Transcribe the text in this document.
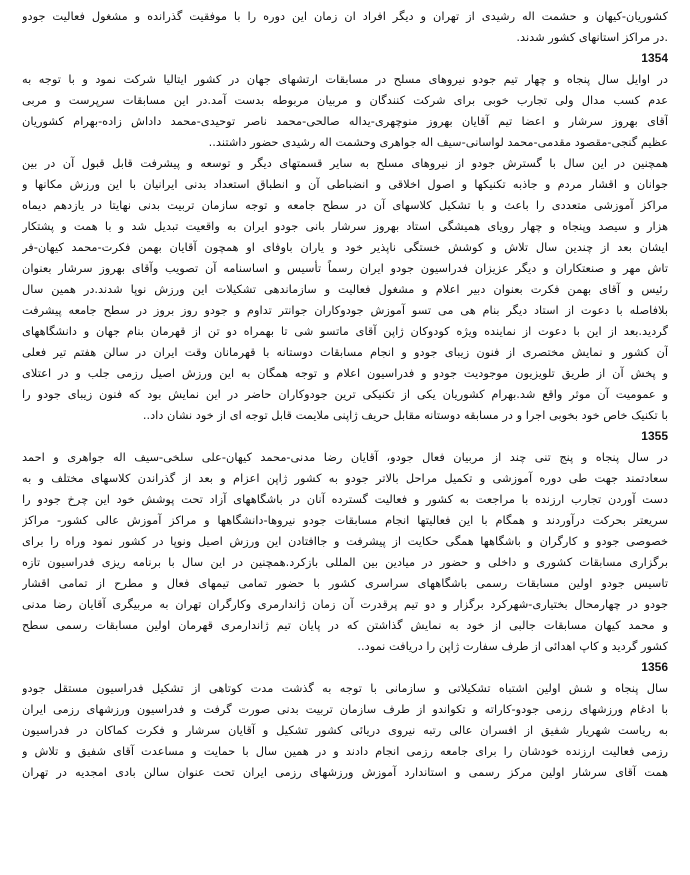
کشوریان-کیهان و حشمت اله رشیدی از تهران و دیگر افراد ان زمان این دوره را با موفقیت گذرانده و مشغول فعالیت جودو
.در مراکز استانهای کشور شدند.
1354
در اوایل سال پنجاه و چهار تیم جودو نیروهای مسلح در مسابقات ارتشهای جهان در کشور ایتالیا شرکت نمود و با توجه به
عدم کسب مدال ولی تجارب خوبی برای شرکت کنندگان و مربیان مربوطه بدست آمد.در این مسابقات سرپرست و مربی
آقای بهروز سرشار و اعضا تیم آقایان بهروز منوچهری-یداله صالحی-محمد ناصر توحیدی-محمد داداش زاده-بهرام کشوریان
عظیم گنجی-مقصود مقدمی-محمد لواسانی-سیف اله جواهری وحشمت اله رشیدی حضور داشتند..
همچنین در این سال با گسترش جودو از نیروهای مسلح به سایر قسمتهای دیگر و توسعه و پیشرفت قابل قبول آن در بین
جوانان و اقشار مردم و جاذبه تکنیکها و اصول اخلاقی و انضباطی آن و انطباق استعداد بدنی ایرانیان با این ورزش مکانها و
مراکز آموزشی متعددی را باعث و با تشکیل کلاسهای آن در سطح جامعه و توجه سازمان تربیت بدنی نهایتا در یازدهم دیماه
هزار و سیصد وپنجاه و چهار رویای همیشگی استاد بهروز سرشار بانی جودو ایران به واقعیت تبدیل شد و با همت و پشتکار
ایشان بعد از چندین سال تلاش و کوشش خستگی ناپذیر خود و یاران باوفای او همچون آقایان بهمن فکرت-محمد کیهان-فر
تاش مهر و صنعتکاران و دیگر عزیزان فدراسیون جودو ایران رسماً تأسیس و اساسنامه آن تصویب وآقای بهروز سرشار بعنوان
رئیس و آقای بهمن فکرت بعنوان دبیر اعلام و مشغول فعالیت و سازماندهی تشکیلات این ورزش نوپا شدند.در همین سال
بلافاصله با دعوت از استاد دیگر بنام هی می تسو آموزش جودوکاران جوانتر تداوم و جودو روز بروز در سطح جامعه پیشرفت
گردید.بعد از این با دعوت از نماینده ویژه کودوکان ژاپن آقای ماتسو شی تا بهمراه دو تن از قهرمان بنام جهان و دانشگاههای
آن کشور و نمایش مختصری از فنون زیبای جودو و انجام مسابقات دوستانه با قهرمانان وقت ایران در سالن هفتم تیر فعلی
و پخش آن از طریق تلویزیون موجودیت جودو و فدراسیون اعلام و توجه همگان به این ورزش اصیل رزمی جلب و در اعتلای
و عمومیت آن موثر واقع شد.بهرام کشوریان یکی از تکنیکی ترین جودوکاران حاضر در این نمایش بود که فنون زیبای جودو را
با تکنیک خاص خود بخوبی اجرا و در مسابقه دوستانه مقابل حریف ژاپنی ملایمت قابل توجه ای از خود نشان داد..
1355
در سال پنجاه و پنج تنی چند از مربیان فعال جودو، آقایان رضا مدنی-محمد کیهان-علی سلخی-سیف اله جواهری و احمد
سعادتمند جهت طی دوره آموزشی و تکمیل مراحل بالاتر جودو به کشور ژاپن اعزام و بعد از گذراندن کلاسهای مختلف و به
دست آوردن تجارب ارزنده با مراجعت به کشور و فعالیت گسترده آنان در باشگاههای آزاد تحت پوشش خود این چرخ جودو را
سریعتر بحرکت درآوردند و همگام با این فعالیتها انجام مسابقات جودو نیروها-دانشگاهها و مراکز آموزش عالی کشور- مراکز
خصوصی جودو و کارگران و باشگاهها همگی حکایت از پیشرفت و جاافتادن این ورزش اصیل ونوپا در کشور نمود وراه را برای
برگزاری مسابقات کشوری و داخلی و حضور در میادین بین المللی بازکرد.همچنین در این سال با برنامه ریزی فدراسیون تازه
تاسیس جودو اولین مسابقات رسمی باشگاههای سراسری کشور با حضور تمامی تیمهای فعال و مطرح از تمامی اقشار
جودو در چهارمحال بختیاری-شهرکرد برگزار و دو تیم پرقدرت آن زمان ژاندارمری وکارگران تهران به مربیگری آقایان رضا مدنی
و محمد کیهان مسابقات جالبی از خود به نمایش گذاشتن که در پایان تیم ژاندارمری قهرمان اولین مسابقات رسمی سطح
کشور گردید و کاپ اهدائی از طرف سفارت ژاپن را دریافت نمود..
1356
سال پنجاه و شش اولین اشتباه تشکیلاتی و سازمانی با توجه به گذشت مدت کوتاهی از تشکیل فدراسیون مستقل جودو
با ادغام ورزشهای رزمی جودو-کاراته و تکواندو از طرف سازمان تربیت بدنی صورت گرفت و فدراسیون ورزشهای رزمی ایران
به ریاست شهریار شفیق از افسران عالی رتبه نیروی دریائی کشور تشکیل و آقایان سرشار و فکرت کماکان در فدراسیون
رزمی فعالیت ارزنده خودشان را برای جامعه رزمی انجام دادند و در همین سال با حمایت و مساعدت آقای شفیق و تلاش و
همت آقای سرشار اولین مرکز رسمی و استاندارد آموزش ورزشهای رزمی ایران تحت عنوان سالن بادی امجدیه در تهران
